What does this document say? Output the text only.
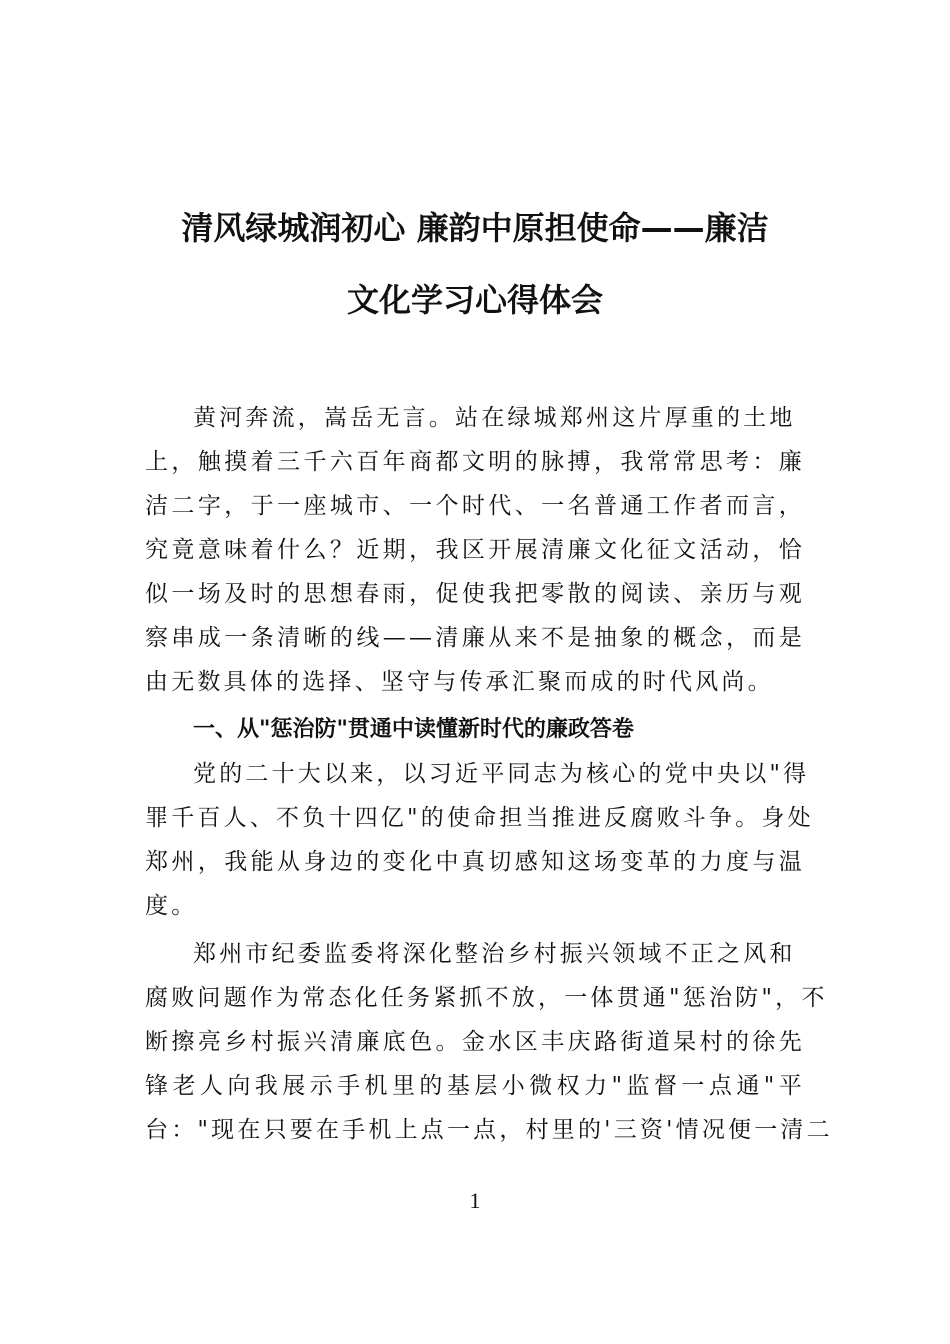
清风绿城润初心 廉韵中原担使命——廉洁
文化学习心得体会
黄河奔流，嵩岳无言。站在绿城郑州这片厚重的土地
上，触摸着三千六百年商都文明的脉搏，我常常思考：廉
洁二字，于一座城市、一个时代、一名普通工作者而言，
究竟意味着什么？近期，我区开展清廉文化征文活动，恰
似一场及时的思想春雨，促使我把零散的阅读、亲历与观
察串成一条清晰的线——清廉从来不是抽象的概念，而是
由无数具体的选择、坚守与传承汇聚而成的时代风尚。
一、从"惩治防"贯通中读懂新时代的廉政答卷
党的二十大以来，以习近平同志为核心的党中央以"得
罪千百人、不负十四亿"的使命担当推进反腐败斗争。身处
郑州，我能从身边的变化中真切感知这场变革的力度与温
度。
郑州市纪委监委将深化整治乡村振兴领域不正之风和
腐败问题作为常态化任务紧抓不放，一体贯通"惩治防"，不
断擦亮乡村振兴清廉底色。金水区丰庆路街道杲村的徐先
锋老人向我展示手机里的基层小微权力"监督一点通"平
台："现在只要在手机上点一点，村里的'三资'情况便一清二
1
